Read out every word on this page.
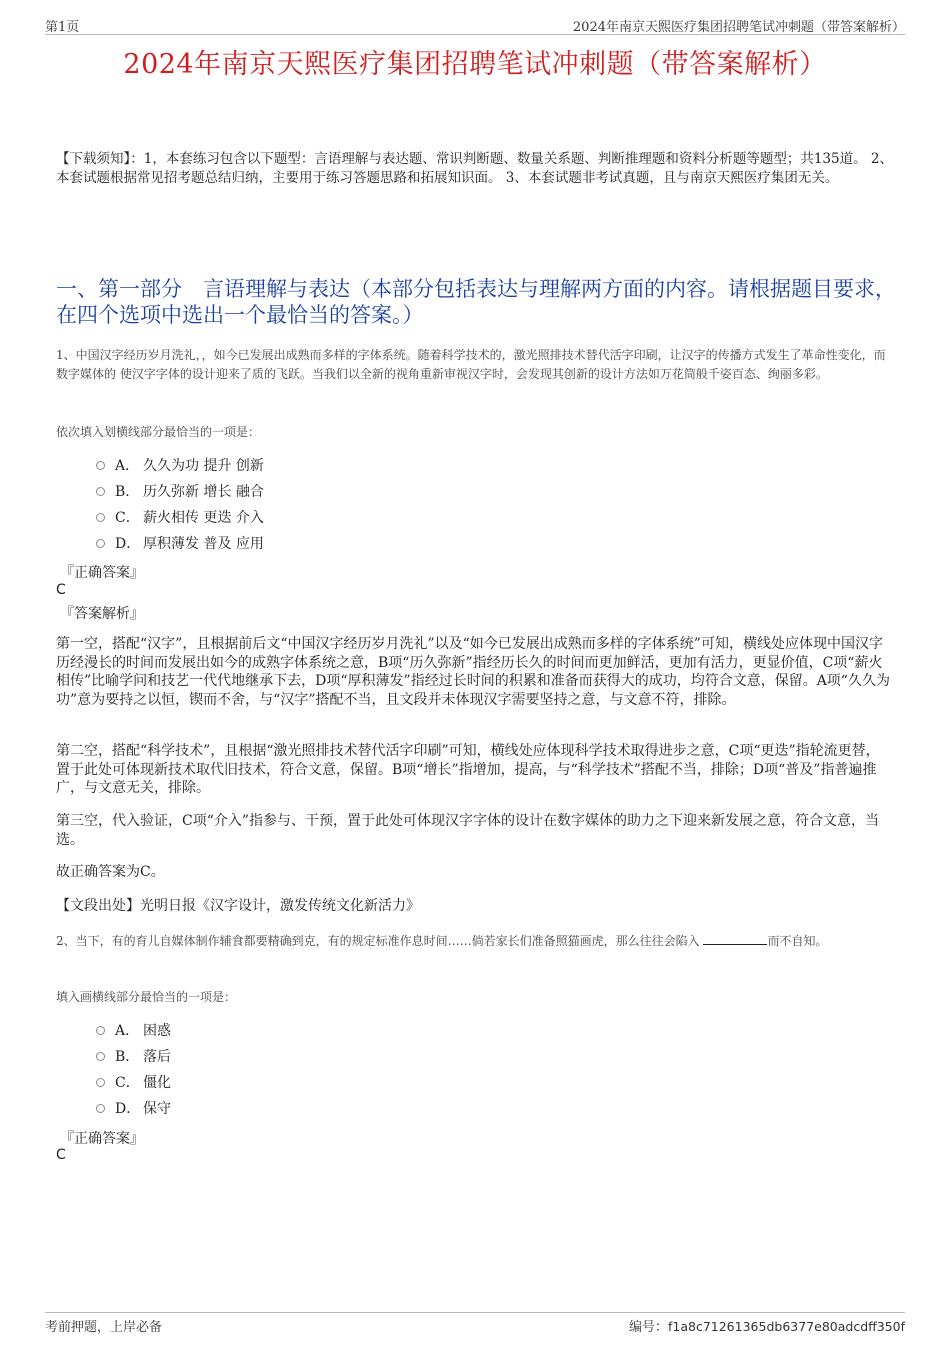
第1页	2024年南京天熙医疗集团招聘笔试冲刺题（带答案解析）
2024年南京天熙医疗集团招聘笔试冲刺题（带答案解析）
【下载须知】：1，本套练习包含以下题型：言语理解与表达题、常识判断题、数量关系题、判断推理题和资料分析题等题型；共135道。 2、本套试题根据常见招考题总结归纳，主要用于练习答题思路和拓展知识面。 3、本套试题非考试真题，且与南京天熙医疗集团无关。
一、第一部分　言语理解与表达（本部分包括表达与理解两方面的内容。请根据题目要求，在四个选项中选出一个最恰当的答案。）
1、中国汉字经历岁月洗礼，，如今已发展出成熟而多样的字体系统。随着科学技术的，激光照排技术替代活字印刷，让汉字的传播方式发生了革命性变化，而数字媒体的 使汉字字体的设计迎来了质的飞跃。当我们以全新的视角重新审视汉字时，会发现其创新的设计方法如万花筒般千姿百态、绚丽多彩。
依次填入划横线部分最恰当的一项是：
A． 久久为功 提升 创新
B． 历久弥新 增长 融合
C． 薪火相传 更迭 介入
D． 厚积薄发 普及 应用
『正确答案』
C
『答案解析』
第一空，搭配“汉字”，且根据前后文“中国汉字经历岁月洗礼”以及“如今已发展出成熟而多样的字体系统”可知，横线处应体现中国汉字历经漫长的时间而发展出如今的成熟字体系统之意，B项“历久弥新”指经历长久的时间而更加鲜活，更加有活力，更显价值，C项“薪火相传”比喻学问和技艺一代代地继承下去，D项“厚积薄发”指经过长时间的积累和准备而获得大的成功，均符合文意，保留。A项“久久为功”意为要持之以恒，锲而不舍，与“汉字”搭配不当，且文段并未体现汉字需要坚持之意，与文意不符，排除。
第二空，搭配“科学技术”，且根据“激光照排技术替代活字印刷”可知，横线处应体现科学技术取得进步之意，C项“更迭”指轮流更替，置于此处可体现新技术取代旧技术，符合文意，保留。B项“增长”指增加，提高，与“科学技术”搭配不当，排除；D项“普及”指普遍推广，与文意无关，排除。
第三空，代入验证，C项“介入”指参与、干预，置于此处可体现汉字字体的设计在数字媒体的助力之下迎来新发展之意，符合文意，当选。
故正确答案为C。
【文段出处】光明日报《汉字设计，激发传统文化新活力》
2、当下，有的育儿自媒体制作辅食都要精确到克，有的规定标准作息时间……倘若家长们准备照猫画虎，那么往往会陷入	而不自知。
填入画横线部分最恰当的一项是：
A． 困惑
B． 落后
C． 僵化
D． 保守
『正确答案』
C
考前押题，上岸必备	编号：f1a8c71261365db6377e80adcdff350f
